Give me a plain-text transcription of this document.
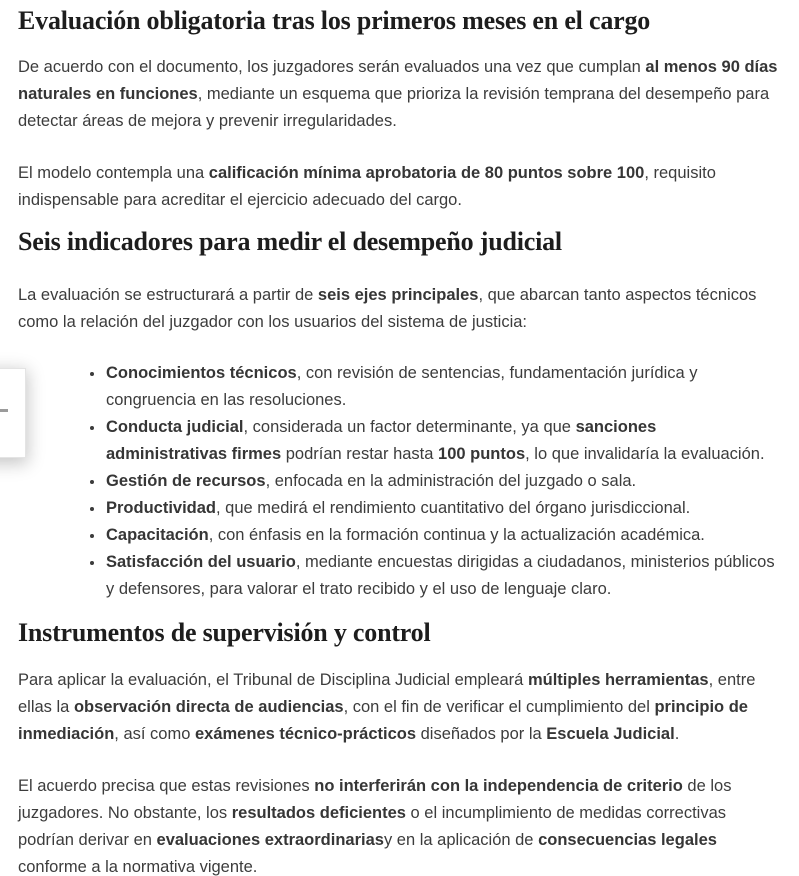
Evaluación obligatoria tras los primeros meses en el cargo

De acuerdo con el documento, los juzgadores serán evaluados una vez que cumplan al menos 90 días naturales en funciones, mediante un esquema que prioriza la revisión temprana del desempeño para detectar áreas de mejora y prevenir irregularidades.

El modelo contempla una calificación mínima aprobatoria de 80 puntos sobre 100, requisito indispensable para acreditar el ejercicio adecuado del cargo.

Seis indicadores para medir el desempeño judicial

La evaluación se estructurará a partir de seis ejes principales, que abarcan tanto aspectos técnicos como la relación del juzgador con los usuarios del sistema de justicia:

• Conocimientos técnicos, con revisión de sentencias, fundamentación jurídica y congruencia en las resoluciones.
• Conducta judicial, considerada un factor determinante, ya que sanciones administrativas firmes podrían restar hasta 100 puntos, lo que invalidaría la evaluación.
• Gestión de recursos, enfocada en la administración del juzgado o sala.
• Productividad, que medirá el rendimiento cuantitativo del órgano jurisdiccional.
• Capacitación, con énfasis en la formación continua y la actualización académica.
• Satisfacción del usuario, mediante encuestas dirigidas a ciudadanos, ministerios públicos y defensores, para valorar el trato recibido y el uso de lenguaje claro.
Instrumentos de supervisión y control

Para aplicar la evaluación, el Tribunal de Disciplina Judicial empleará múltiples herramientas, entre ellas la observación directa de audiencias, con el fin de verificar el cumplimiento del principio de inmediación, así como exámenes técnico-prácticos diseñados por la Escuela Judicial.

El acuerdo precisa que estas revisiones no interferirán con la independencia de criterio de los juzgadores. No obstante, los resultados deficientes o el incumplimiento de medidas correctivas podrían derivar en evaluaciones extraordinariasy en la aplicación de consecuencias legales conforme a la normativa vigente.
